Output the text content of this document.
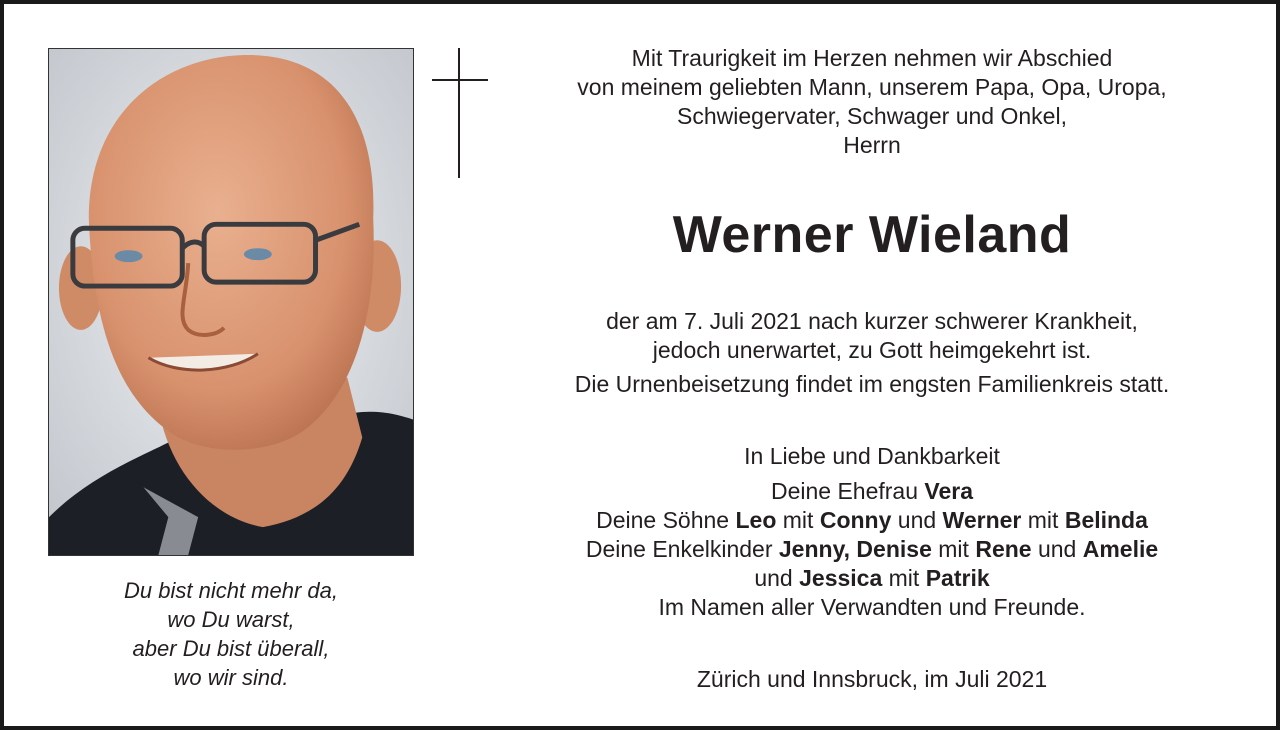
Du bist nicht mehr da,
wo Du warst,
aber Du bist überall,
wo wir sind.
Mit Traurigkeit im Herzen nehmen wir Abschied
von meinem geliebten Mann, unserem Papa, Opa, Uropa,
Schwiegervater, Schwager und Onkel,
Herrn
Werner Wieland
der am 7. Juli 2021 nach kurzer schwerer Krankheit,
jedoch unerwartet, zu Gott heimgekehrt ist.
Die Urnenbeisetzung findet im engsten Familienkreis statt.
In Liebe und Dankbarkeit
Deine Ehefrau Vera
Deine Söhne Leo mit Conny und Werner mit Belinda
Deine Enkelkinder Jenny, Denise mit Rene und Amelie
und Jessica mit Patrik
Im Namen aller Verwandten und Freunde.
Zürich und Innsbruck, im Juli 2021
